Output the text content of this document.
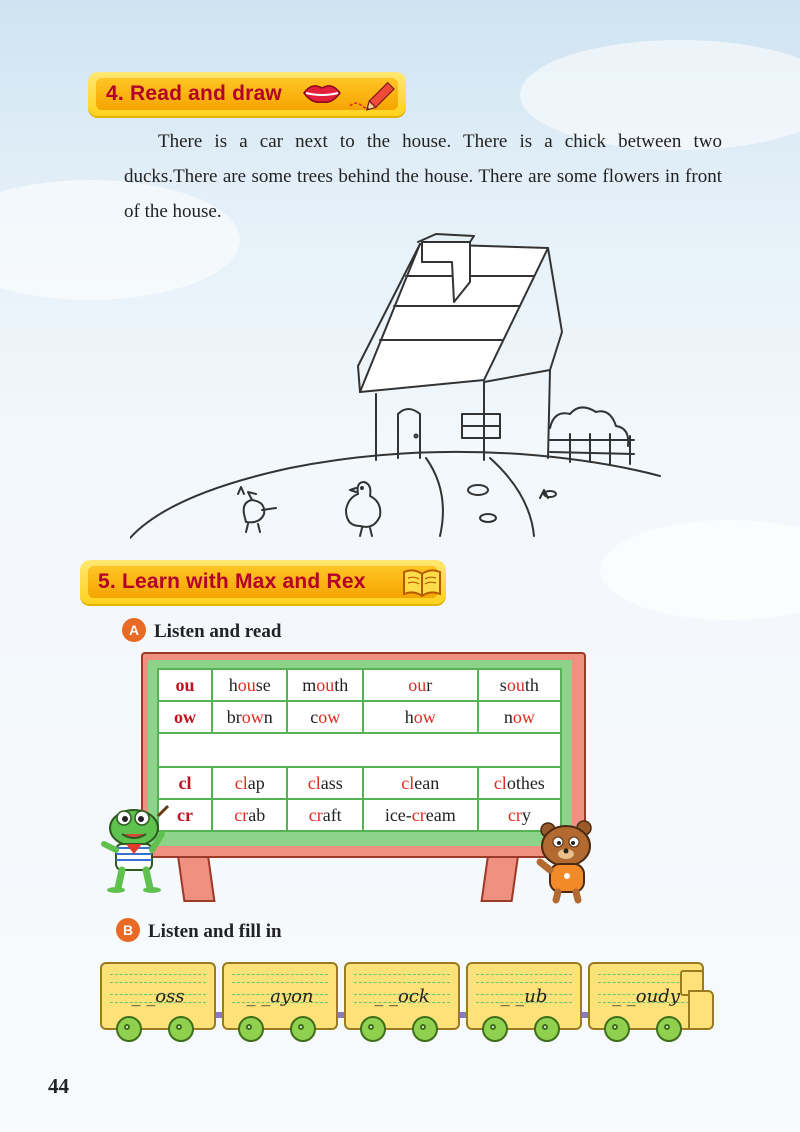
4. Read and draw

There is a car next to the house. There is a chick between two ducks.There are some trees behind the house. There are some flowers in front of the house.

5. Learn with Max and Rex
A Listen and read
ou	house	mouth	our	south
ow	brown	cow	how	now

cl	clap	class	clean	clothes
cr	crab	craft	ice-cream	cry
B Listen and fill in
_ _oss	_ _ayon	_ _ock	_ _ub	_ _oudy
44
